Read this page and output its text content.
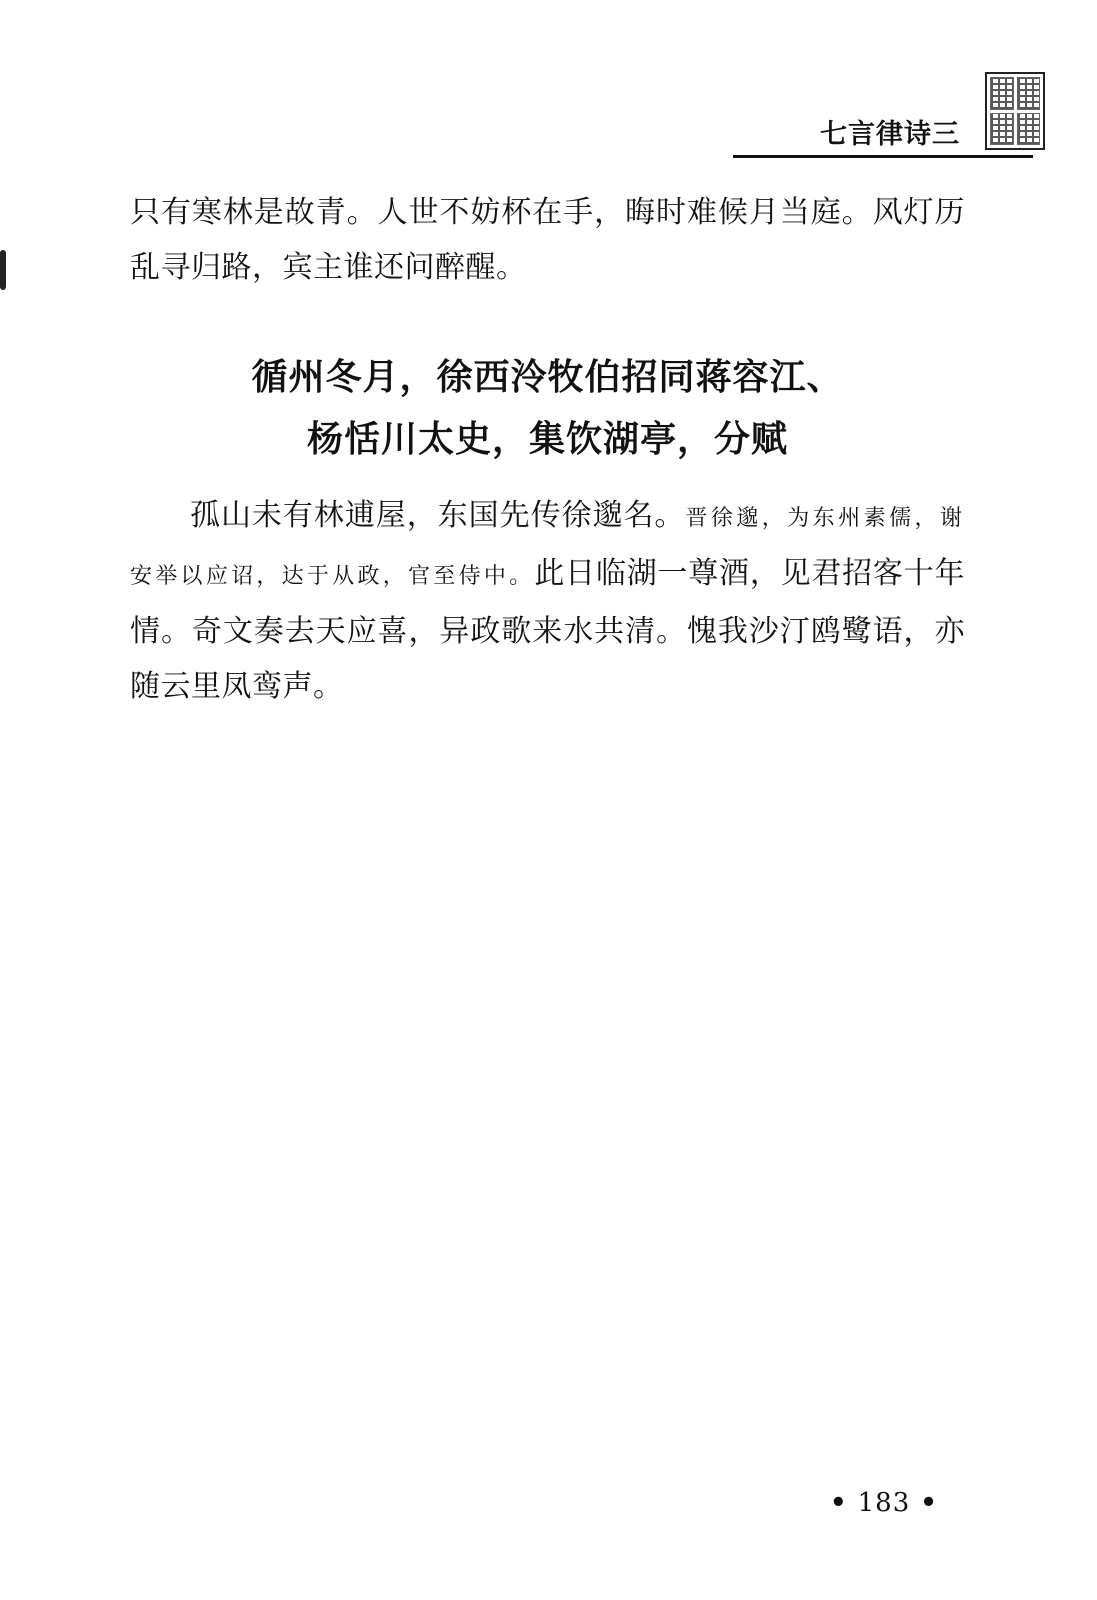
七言律诗三
只有寒林是故青。人世不妨杯在手，晦时难候月当庭。风灯历乱寻归路，宾主谁还问醉醒。
循州冬月，徐西泠牧伯招同蒋容江、
杨恬川太史，集饮湖亭，分赋
孤山未有林逋屋，东国先传徐邈名。晋徐邈，为东州素儒，谢安举以应诏，达于从政，官至侍中。此日临湖一尊酒，见君招客十年情。奇文奏去天应喜，异政歌来水共清。愧我沙汀鸥鹭语，亦随云里凤鸾声。
• 183 •
